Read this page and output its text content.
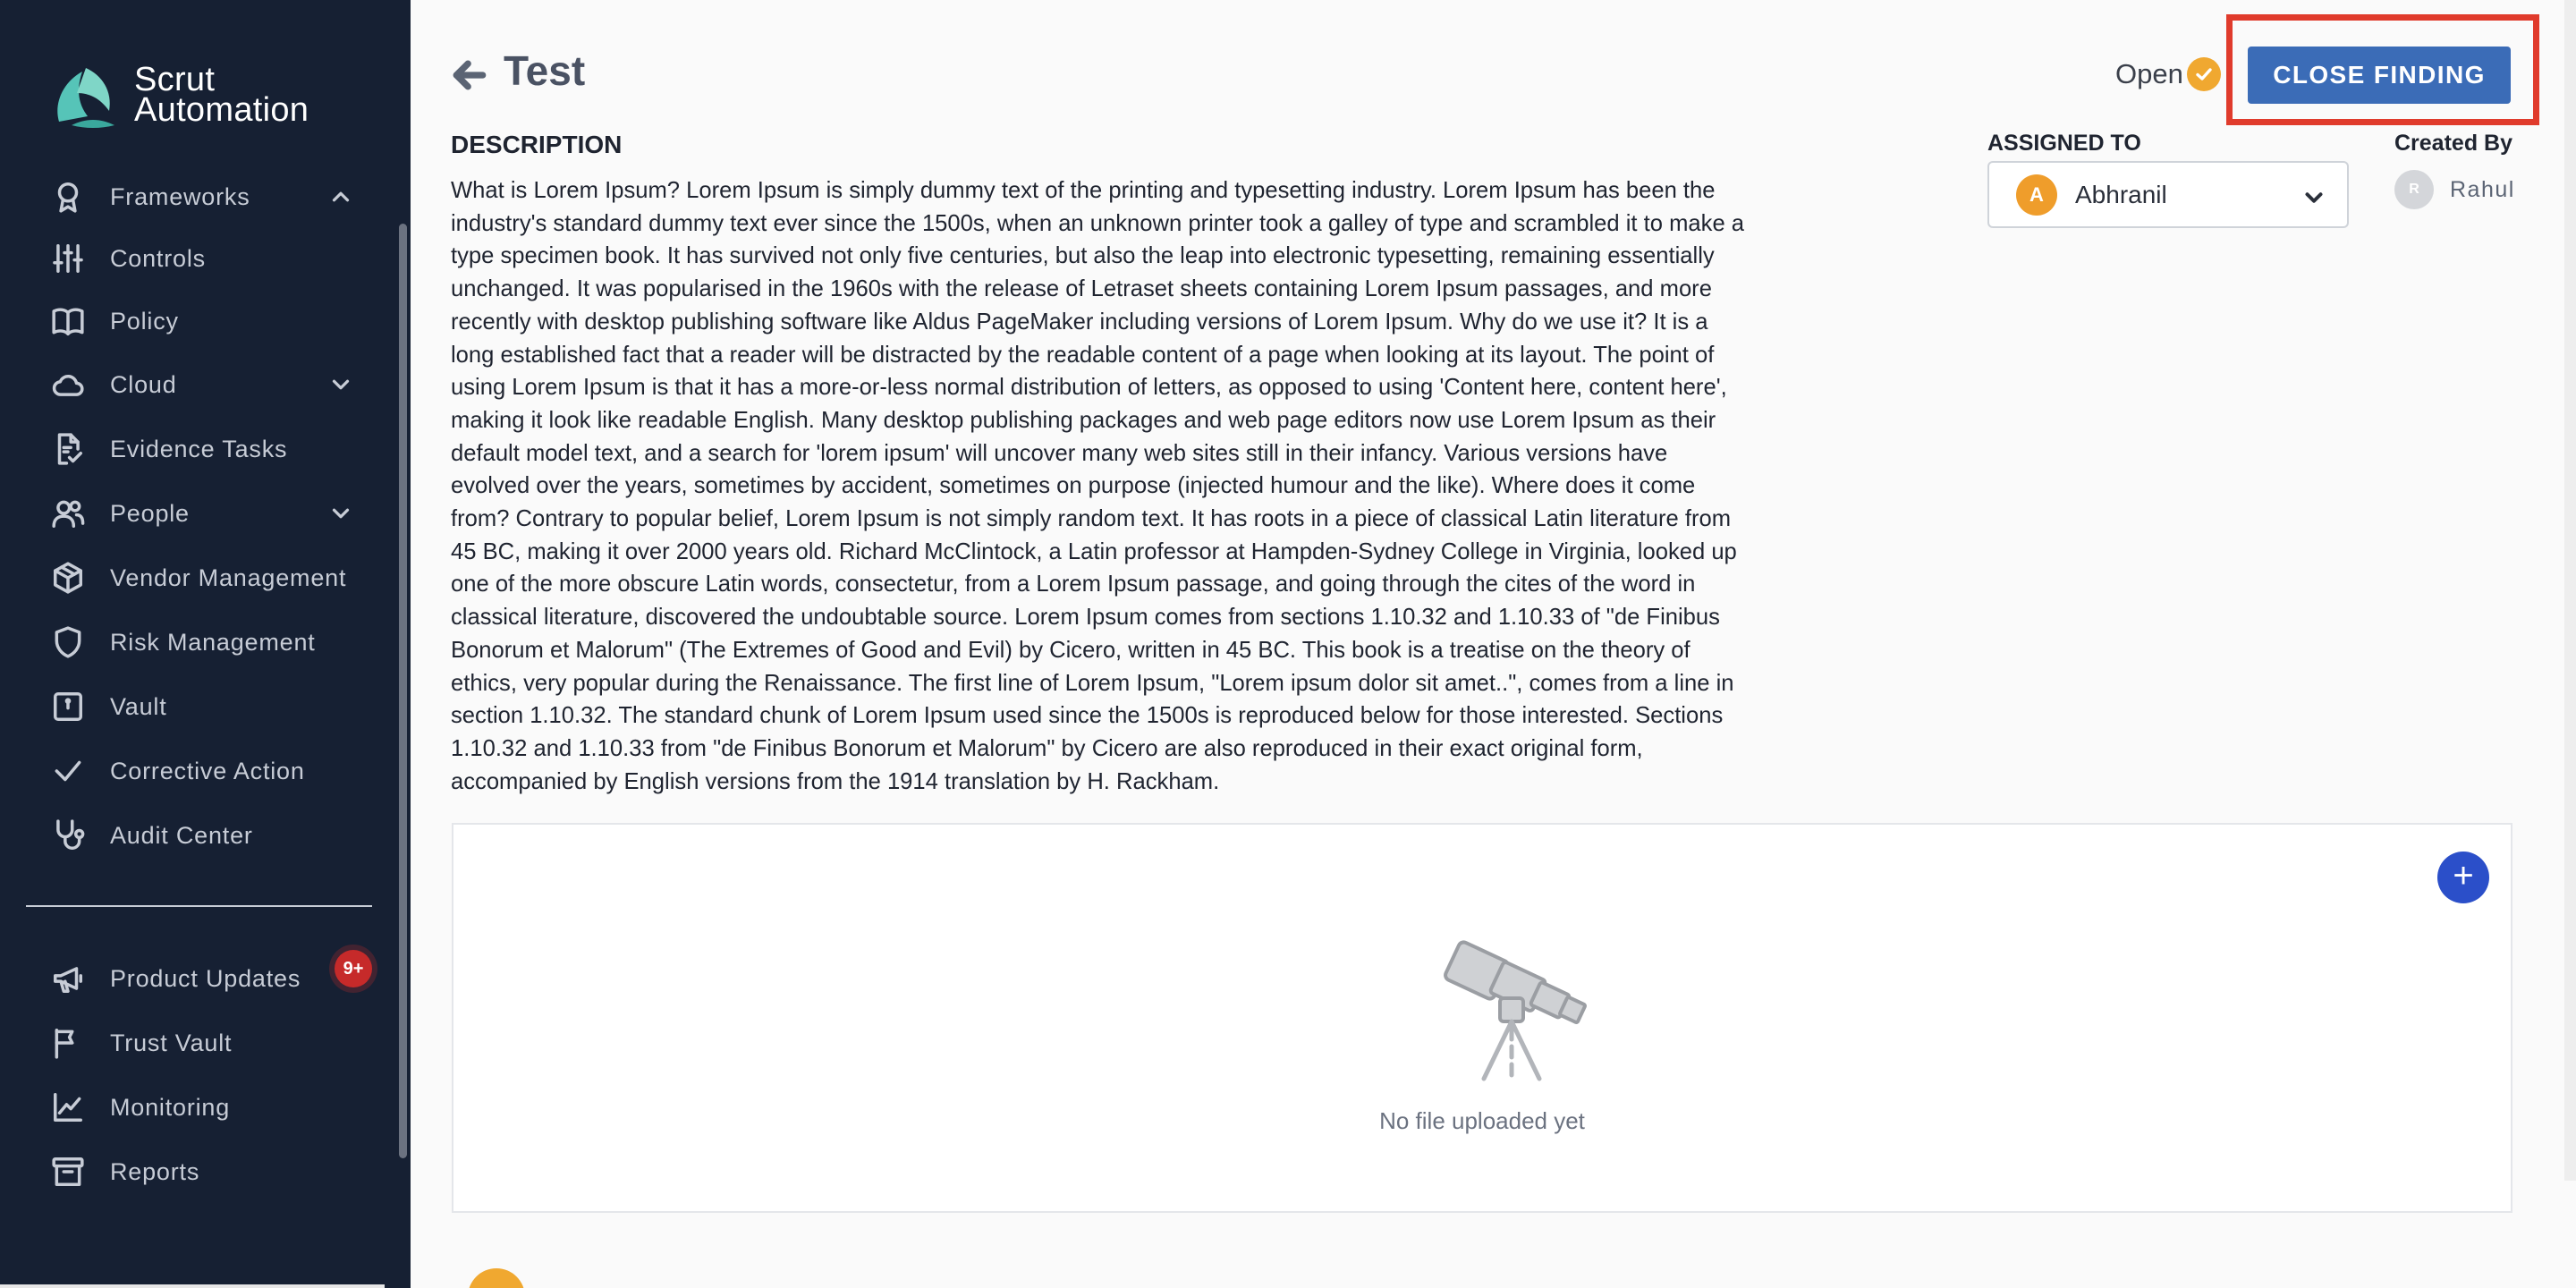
Scrut
Automation
Frameworks
Controls
Policy
Cloud
Evidence Tasks
People
Vendor Management
Risk Management
Vault
Corrective Action
Audit Center
Product Updates
Trust Vault
Monitoring
Reports
9+
Test	Open	CLOSE FINDING
DESCRIPTION

What is Lorem Ipsum? Lorem Ipsum is simply dummy text of the printing and typesetting industry. Lorem Ipsum has been the industry's standard dummy text ever since the 1500s, when an unknown printer took a galley of type and scrambled it to make a type specimen book. It has survived not only five centuries, but also the leap into electronic typesetting, remaining essentially unchanged. It was popularised in the 1960s with the release of Letraset sheets containing Lorem Ipsum passages, and more recently with desktop publishing software like Aldus PageMaker including versions of Lorem Ipsum. Why do we use it? It is a long established fact that a reader will be distracted by the readable content of a page when looking at its layout. The point of using Lorem Ipsum is that it has a more-or-less normal distribution of letters, as opposed to using 'Content here, content here', making it look like readable English. Many desktop publishing packages and web page editors now use Lorem Ipsum as their default model text, and a search for 'lorem ipsum' will uncover many web sites still in their infancy. Various versions have evolved over the years, sometimes by accident, sometimes on purpose (injected humour and the like). Where does it come from? Contrary to popular belief, Lorem Ipsum is not simply random text. It has roots in a piece of classical Latin literature from 45 BC, making it over 2000 years old. Richard McClintock, a Latin professor at Hampden-Sydney College in Virginia, looked up one of the more obscure Latin words, consectetur, from a Lorem Ipsum passage, and going through the cites of the word in classical literature, discovered the undoubtable source. Lorem Ipsum comes from sections 1.10.32 and 1.10.33 of "de Finibus Bonorum et Malorum" (The Extremes of Good and Evil) by Cicero, written in 45 BC. This book is a treatise on the theory of ethics, very popular during the Renaissance. The first line of Lorem Ipsum, "Lorem ipsum dolor sit amet..", comes from a line in section 1.10.32. The standard chunk of Lorem Ipsum used since the 1500s is reproduced below for those interested. Sections 1.10.32 and 1.10.33 from "de Finibus Bonorum et Malorum" by Cicero are also reproduced in their exact original form, accompanied by English versions from the 1914 translation by H. Rackham.

ASSIGNED TO
A	Abhranil
Created By
R	Rahul
+
No file uploaded yet
